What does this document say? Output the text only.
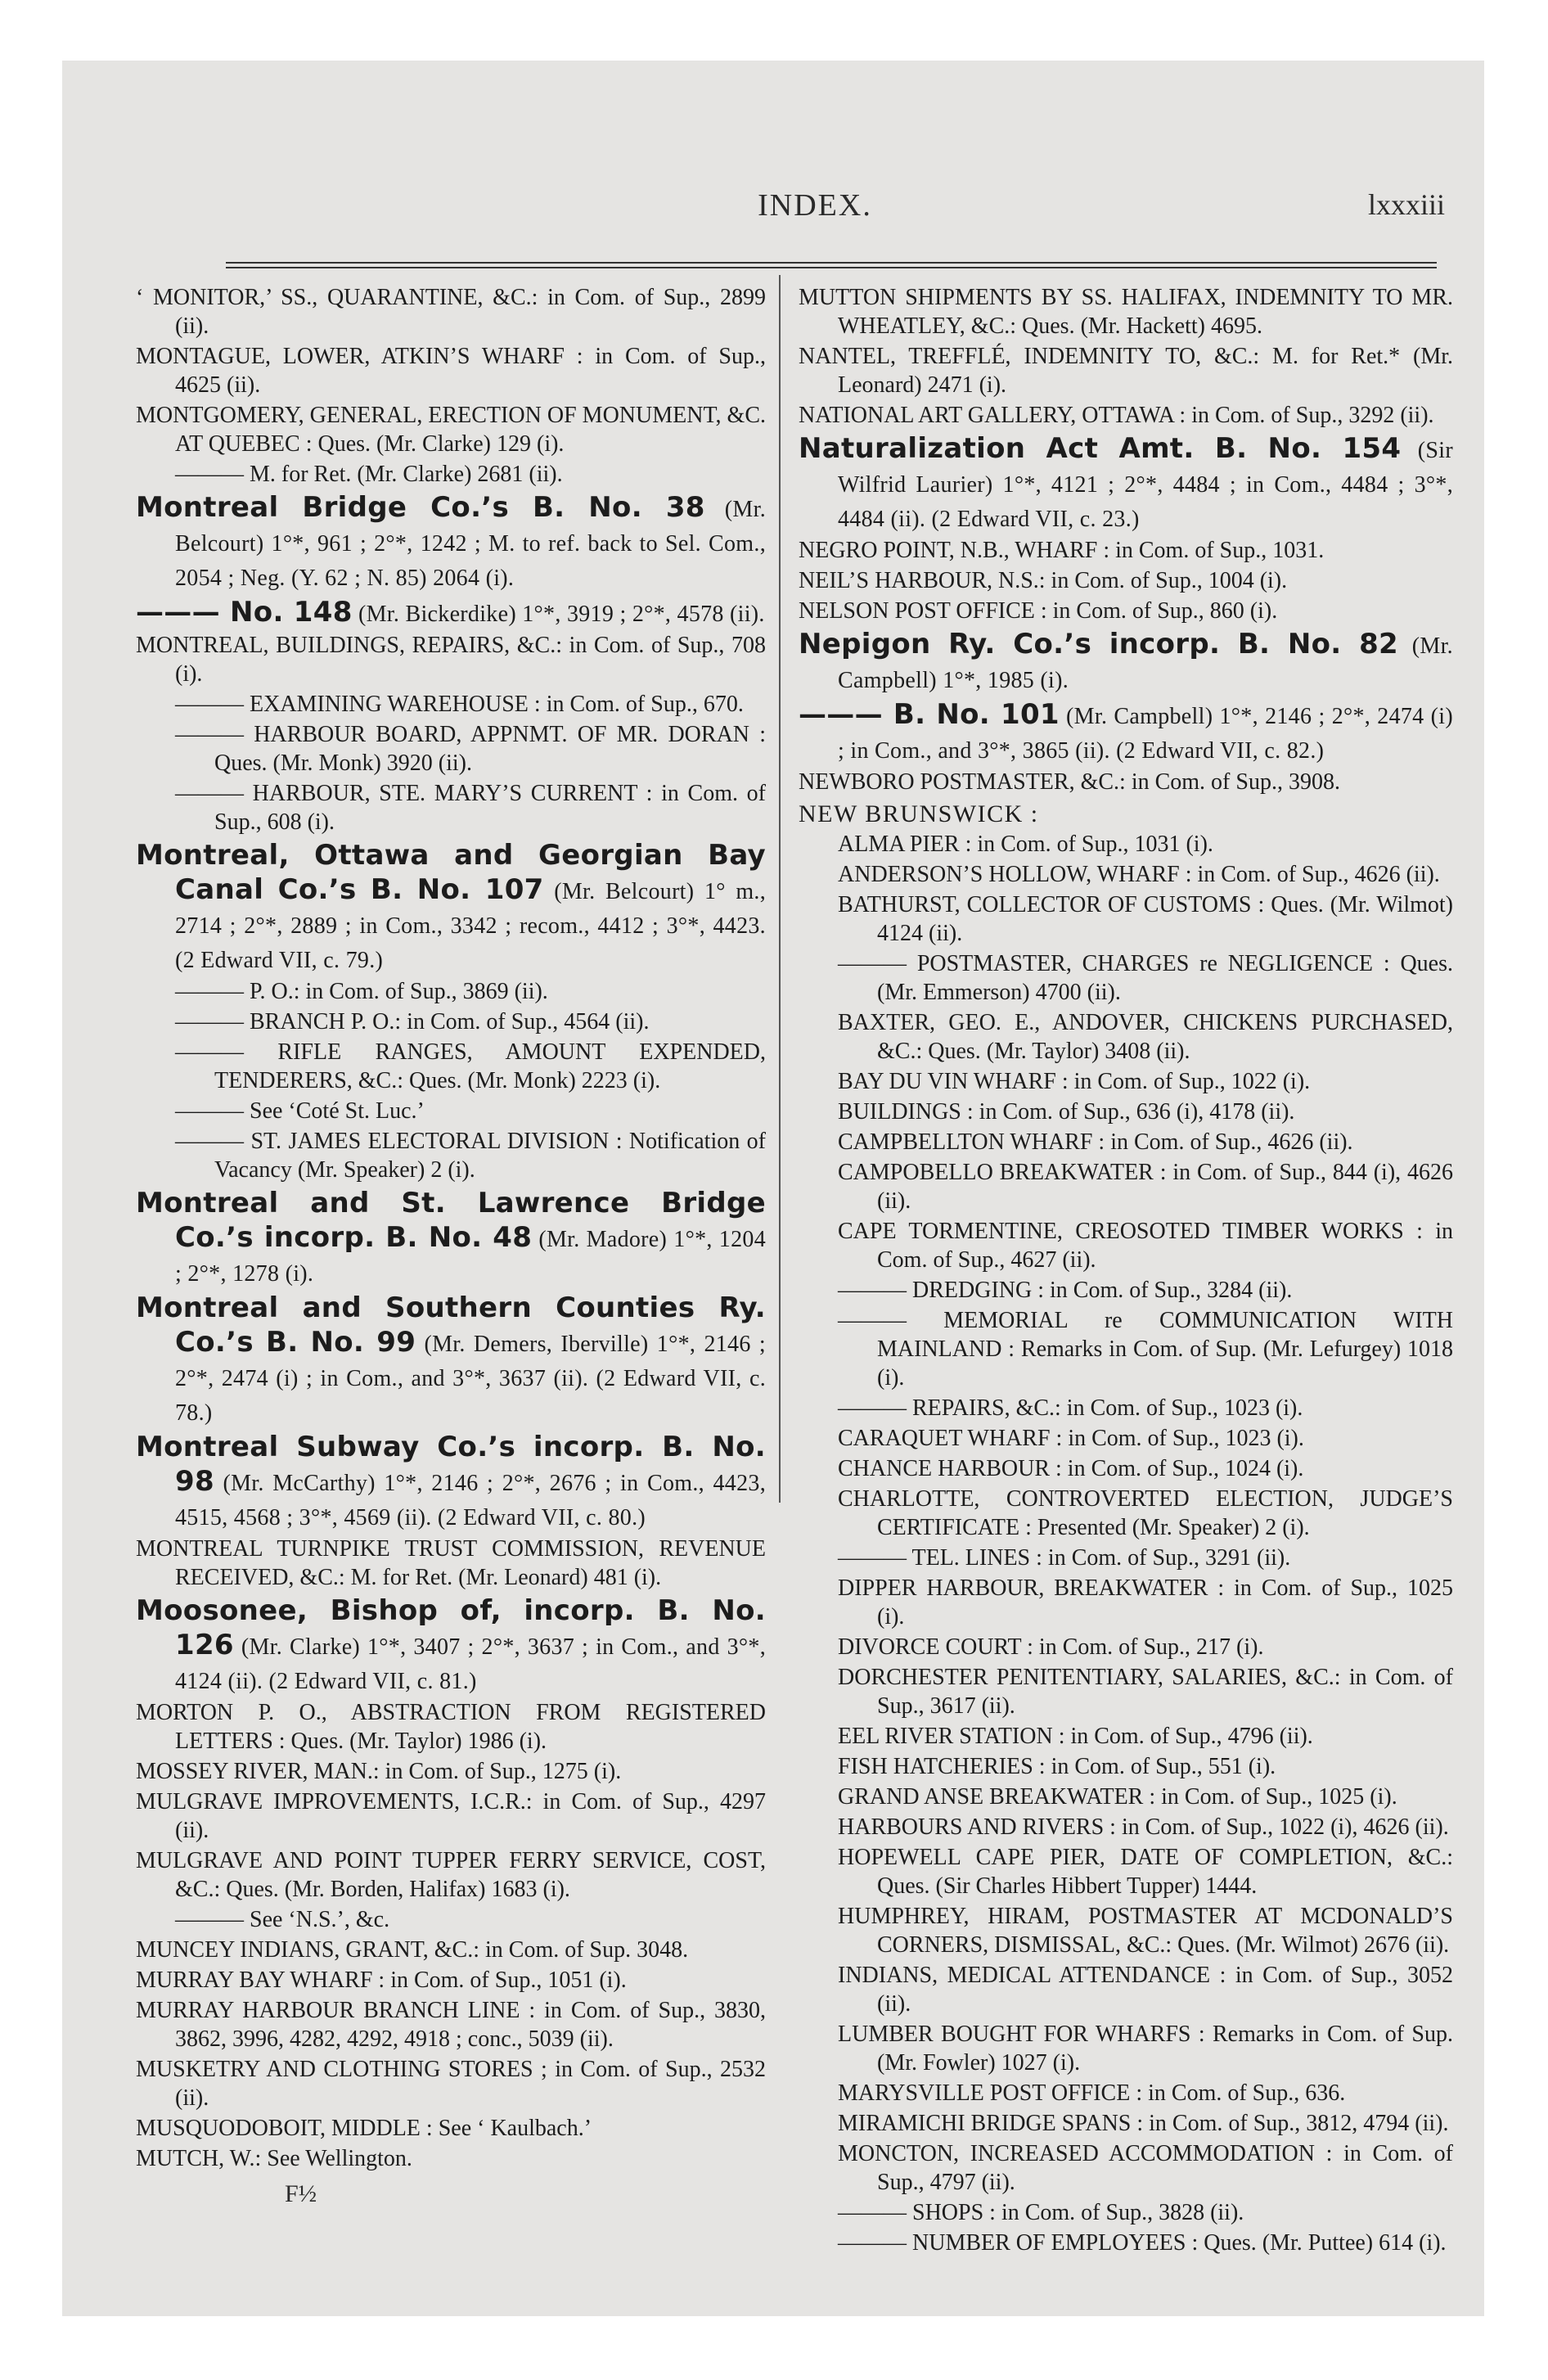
INDEX.	lxxxiii
‘ MONITOR,’ SS., QUARANTINE, &C.: in Com. of Sup., 2899 (ii).
MONTAGUE, LOWER, ATKIN’S WHARF : in Com. of Sup., 4625 (ii).
MONTGOMERY, GENERAL, ERECTION OF MONUMENT, &C. AT QUEBEC : Ques. (Mr. Clarke) 129 (i).
——— M. for Ret. (Mr. Clarke) 2681 (ii).
Montreal Bridge Co.’s B. No. 38 (Mr. Belcourt) 1°*, 961 ; 2°*, 1242 ; M. to ref. back to Sel. Com., 2054 ; Neg. (Y. 62 ; N. 85) 2064 (i).
——— No. 148 (Mr. Bickerdike) 1°*, 3919 ; 2°*, 4578 (ii).
MONTREAL, BUILDINGS, REPAIRS, &C.: in Com. of Sup., 708 (i).
——— EXAMINING WAREHOUSE : in Com. of Sup., 670.
——— HARBOUR BOARD, APPNMT. OF MR. DORAN : Ques. (Mr. Monk) 3920 (ii).
——— HARBOUR, STE. MARY’S CURRENT : in Com. of Sup., 608 (i).
Montreal, Ottawa and Georgian Bay Canal Co.’s B. No. 107 (Mr. Belcourt) 1° m., 2714 ; 2°*, 2889 ; in Com., 3342 ; recom., 4412 ; 3°*, 4423. (2 Edward VII, c. 79.)
——— P. O.: in Com. of Sup., 3869 (ii).
——— BRANCH P. O.: in Com. of Sup., 4564 (ii).
——— RIFLE RANGES, AMOUNT EXPENDED, TENDERERS, &C.: Ques. (Mr. Monk) 2223 (i).
——— See ‘Coté St. Luc.’
——— ST. JAMES ELECTORAL DIVISION : Notification of Vacancy (Mr. Speaker) 2 (i).
Montreal and St. Lawrence Bridge Co.’s incorp. B. No. 48 (Mr. Madore) 1°*, 1204 ; 2°*, 1278 (i).
Montreal and Southern Counties Ry. Co.’s B. No. 99 (Mr. Demers, Iberville) 1°*, 2146 ; 2°*, 2474 (i) ; in Com., and 3°*, 3637 (ii). (2 Edward VII, c. 78.)
Montreal Subway Co.’s incorp. B. No. 98 (Mr. McCarthy) 1°*, 2146 ; 2°*, 2676 ; in Com., 4423, 4515, 4568 ; 3°*, 4569 (ii). (2 Edward VII, c. 80.)
MONTREAL TURNPIKE TRUST COMMISSION, REVENUE RECEIVED, &C.: M. for Ret. (Mr. Leonard) 481 (i).
Moosonee, Bishop of, incorp. B. No. 126 (Mr. Clarke) 1°*, 3407 ; 2°*, 3637 ; in Com., and 3°*, 4124 (ii). (2 Edward VII, c. 81.)
MORTON P. O., ABSTRACTION FROM REGISTERED LETTERS : Ques. (Mr. Taylor) 1986 (i).
MOSSEY RIVER, MAN.: in Com. of Sup., 1275 (i).
MULGRAVE IMPROVEMENTS, I.C.R.: in Com. of Sup., 4297 (ii).
MULGRAVE AND POINT TUPPER FERRY SERVICE, COST, &C.: Ques. (Mr. Borden, Halifax) 1683 (i).
——— See ‘N.S.’, &c.
MUNCEY INDIANS, GRANT, &C.: in Com. of Sup. 3048.
MURRAY BAY WHARF : in Com. of Sup., 1051 (i).
MURRAY HARBOUR BRANCH LINE : in Com. of Sup., 3830, 3862, 3996, 4282, 4292, 4918 ; conc., 5039 (ii).
MUSKETRY AND CLOTHING STORES ; in Com. of Sup., 2532 (ii).
MUSQUODOBOIT, MIDDLE : See ‘ Kaulbach.’
MUTCH, W.: See Wellington.
MUTTON SHIPMENTS BY SS. HALIFAX, INDEMNITY TO MR. WHEATLEY, &C.: Ques. (Mr. Hackett) 4695.
NANTEL, TREFFLÉ, INDEMNITY TO, &C.: M. for Ret.* (Mr. Leonard) 2471 (i).
NATIONAL ART GALLERY, OTTAWA : in Com. of Sup., 3292 (ii).
Naturalization Act Amt. B. No. 154 (Sir Wilfrid Laurier) 1°*, 4121 ; 2°*, 4484 ; in Com., 4484 ; 3°*, 4484 (ii). (2 Edward VII, c. 23.)
NEGRO POINT, N.B., WHARF : in Com. of Sup., 1031.
NEIL’S HARBOUR, N.S.: in Com. of Sup., 1004 (i).
NELSON POST OFFICE : in Com. of Sup., 860 (i).
Nepigon Ry. Co.’s incorp. B. No. 82 (Mr. Campbell) 1°*, 1985 (i).
——— B. No. 101 (Mr. Campbell) 1°*, 2146 ; 2°*, 2474 (i) ; in Com., and 3°*, 3865 (ii). (2 Edward VII, c. 82.)
NEWBORO POSTMASTER, &C.: in Com. of Sup., 3908.
NEW BRUNSWICK :
ALMA PIER : in Com. of Sup., 1031 (i).
ANDERSON’S HOLLOW, WHARF : in Com. of Sup., 4626 (ii).
BATHURST, COLLECTOR OF CUSTOMS : Ques. (Mr. Wilmot) 4124 (ii).
——— POSTMASTER, CHARGES re NEGLIGENCE : Ques. (Mr. Emmerson) 4700 (ii).
BAXTER, GEO. E., ANDOVER, CHICKENS PURCHASED, &C.: Ques. (Mr. Taylor) 3408 (ii).
BAY DU VIN WHARF : in Com. of Sup., 1022 (i).
BUILDINGS : in Com. of Sup., 636 (i), 4178 (ii).
CAMPBELLTON WHARF : in Com. of Sup., 4626 (ii).
CAMPOBELLO BREAKWATER : in Com. of Sup., 844 (i), 4626 (ii).
CAPE TORMENTINE, CREOSOTED TIMBER WORKS : in Com. of Sup., 4627 (ii).
——— DREDGING : in Com. of Sup., 3284 (ii).
——— MEMORIAL re COMMUNICATION WITH MAINLAND : Remarks in Com. of Sup. (Mr. Lefurgey) 1018 (i).
——— REPAIRS, &C.: in Com. of Sup., 1023 (i).
CARAQUET WHARF : in Com. of Sup., 1023 (i).
CHANCE HARBOUR : in Com. of Sup., 1024 (i).
CHARLOTTE, CONTROVERTED ELECTION, JUDGE’S CERTIFICATE : Presented (Mr. Speaker) 2 (i).
——— TEL. LINES : in Com. of Sup., 3291 (ii).
DIPPER HARBOUR, BREAKWATER : in Com. of Sup., 1025 (i).
DIVORCE COURT : in Com. of Sup., 217 (i).
DORCHESTER PENITENTIARY, SALARIES, &C.: in Com. of Sup., 3617 (ii).
EEL RIVER STATION : in Com. of Sup., 4796 (ii).
FISH HATCHERIES : in Com. of Sup., 551 (i).
GRAND ANSE BREAKWATER : in Com. of Sup., 1025 (i).
HARBOURS AND RIVERS : in Com. of Sup., 1022 (i), 4626 (ii).
HOPEWELL CAPE PIER, DATE OF COMPLETION, &C.: Ques. (Sir Charles Hibbert Tupper) 1444.
HUMPHREY, HIRAM, POSTMASTER AT MCDONALD’S CORNERS, DISMISSAL, &C.: Ques. (Mr. Wilmot) 2676 (ii).
INDIANS, MEDICAL ATTENDANCE : in Com. of Sup., 3052 (ii).
LUMBER BOUGHT FOR WHARFS : Remarks in Com. of Sup. (Mr. Fowler) 1027 (i).
MARYSVILLE POST OFFICE : in Com. of Sup., 636.
MIRAMICHI BRIDGE SPANS : in Com. of Sup., 3812, 4794 (ii).
MONCTON, INCREASED ACCOMMODATION : in Com. of Sup., 4797 (ii).
——— SHOPS : in Com. of Sup., 3828 (ii).
——— NUMBER OF EMPLOYEES : Ques. (Mr. Puttee) 614 (i).
F½
